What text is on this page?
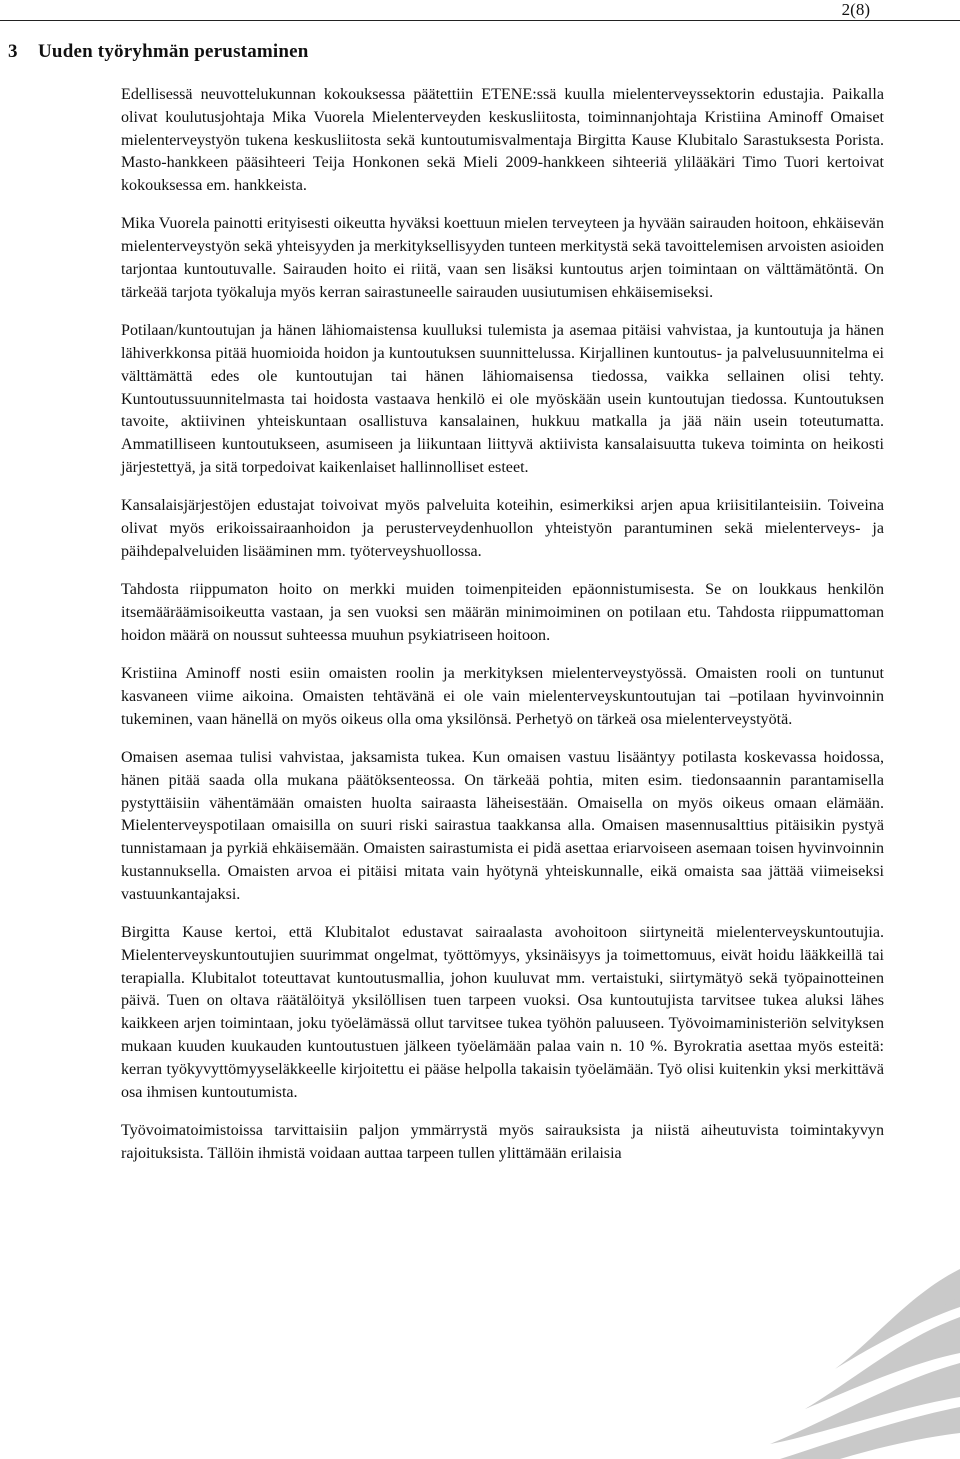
2(8)
3 Uuden työryhmän perustaminen

Edellisessä neuvottelukunnan kokouksessa päätettiin ETENE:ssä kuulla mielenterveyssektorin edustajia. Paikalla olivat koulutusjohtaja Mika Vuorela Mielenterveyden keskusliitosta, toiminnanjohtaja Kristiina Aminoff Omaiset mielenterveystyön tukena keskusliitosta sekä kuntoutumisvalmentaja Birgitta Kause Klubitalo Sarastuksesta Porista. Masto-hankkeen pääsihteeri Teija Honkonen sekä Mieli 2009-hankkeen sihteeriä ylilääkäri Timo Tuori kertoivat kokouksessa em. hankkeista.

Mika Vuorela painotti erityisesti oikeutta hyväksi koettuun mielen terveyteen ja hyvään sairauden hoitoon, ehkäisevän mielenterveystyön sekä yhteisyyden ja merkityksellisyyden tunteen merkitystä sekä tavoittelemisen arvoisten asioiden tarjontaa kuntoutuvalle. Sairauden hoito ei riitä, vaan sen lisäksi kuntoutus arjen toimintaan on välttämätöntä. On tärkeää tarjota työkaluja myös kerran sairastuneelle sairauden uusiutumisen ehkäisemiseksi.

Potilaan/kuntoutujan ja hänen lähiomaistensa kuulluksi tulemista ja asemaa pitäisi vahvistaa, ja kuntoutuja ja hänen lähiverkkonsa pitää huomioida hoidon ja kuntoutuksen suunnittelussa. Kirjallinen kuntoutus- ja palvelusuunnitelma ei välttämättä edes ole kuntoutujan tai hänen lähiomaisensa tiedossa, vaikka sellainen olisi tehty. Kuntoutussuunnitelmasta tai hoidosta vastaava henkilö ei ole myöskään usein kuntoutujan tiedossa. Kuntoutuksen tavoite, aktiivinen yhteiskuntaan osallistuva kansalainen, hukkuu matkalla ja jää näin usein toteutumatta. Ammatilliseen kuntoutukseen, asumiseen ja liikuntaan liittyvä aktiivista kansalaisuutta tukeva toiminta on heikosti järjestettyä, ja sitä torpedoivat kaikenlaiset hallinnolliset esteet.

Kansalaisjärjestöjen edustajat toivoivat myös palveluita koteihin, esimerkiksi arjen apua kriisitilanteisiin. Toiveina olivat myös erikoissairaanhoidon ja perusterveydenhuollon yhteistyön parantuminen sekä mielenterveys- ja päihdepalveluiden lisääminen mm. työterveyshuollossa.

Tahdosta riippumaton hoito on merkki muiden toimenpiteiden epäonnistumisesta. Se on loukkaus henkilön itsemääräämisoikeutta vastaan, ja sen vuoksi sen määrän minimoiminen on potilaan etu. Tahdosta riippumattoman hoidon määrä on noussut suhteessa muuhun psykiatriseen hoitoon.

Kristiina Aminoff nosti esiin omaisten roolin ja merkityksen mielenterveystyössä. Omaisten rooli on tuntunut kasvaneen viime aikoina. Omaisten tehtävänä ei ole vain mielenterveyskuntoutujan tai –potilaan hyvinvoinnin tukeminen, vaan hänellä on myös oikeus olla oma yksilönsä. Perhetyö on tärkeä osa mielenterveystyötä.

Omaisen asemaa tulisi vahvistaa, jaksamista tukea. Kun omaisen vastuu lisääntyy potilasta koskevassa hoidossa, hänen pitää saada olla mukana päätöksenteossa. On tärkeää pohtia, miten esim. tiedonsaannin parantamisella pystyttäisiin vähentämään omaisten huolta sairaasta läheisestään. Omaisella on myös oikeus omaan elämään. Mielenterveyspotilaan omaisilla on suuri riski sairastua taakkansa alla. Omaisen masennusalttius pitäisikin pystyä tunnistamaan ja pyrkiä ehkäisemään. Omaisten sairastumista ei pidä asettaa eriarvoiseen asemaan toisen hyvinvoinnin kustannuksella. Omaisten arvoa ei pitäisi mitata vain hyötynä yhteiskunnalle, eikä omaista saa jättää viimeiseksi vastuunkantajaksi.

Birgitta Kause kertoi, että Klubitalot edustavat sairaalasta avohoitoon siirtyneitä mielenterveyskuntoutujia. Mielenterveyskuntoutujien suurimmat ongelmat, työttömyys, yksinäisyys ja toimettomuus, eivät hoidu lääkkeillä tai terapialla. Klubitalot toteuttavat kuntoutusmallia, johon kuuluvat mm. vertaistuki, siirtymätyö sekä työpainotteinen päivä. Tuen on oltava räätälöityä yksilöllisen tuen tarpeen vuoksi. Osa kuntoutujista tarvitsee tukea aluksi lähes kaikkeen arjen toimintaan, joku työelämässä ollut tarvitsee tukea työhön paluuseen. Työvoimaministeriön selvityksen mukaan kuuden kuukauden kuntoutustuen jälkeen työelämään palaa vain n. 10 %. Byrokratia asettaa myös esteitä: kerran työkyvyttömyyseläkkeelle kirjoitettu ei pääse helpolla takaisin työelämään. Työ olisi kuitenkin yksi merkittävä osa ihmisen kuntoutumista.

Työvoimatoimistoissa tarvittaisiin paljon ymmärrystä myös sairauksista ja niistä aiheutuvista toimintakyvyn rajoituksista. Tällöin ihmistä voidaan auttaa tarpeen tullen ylittämään erilaisia
